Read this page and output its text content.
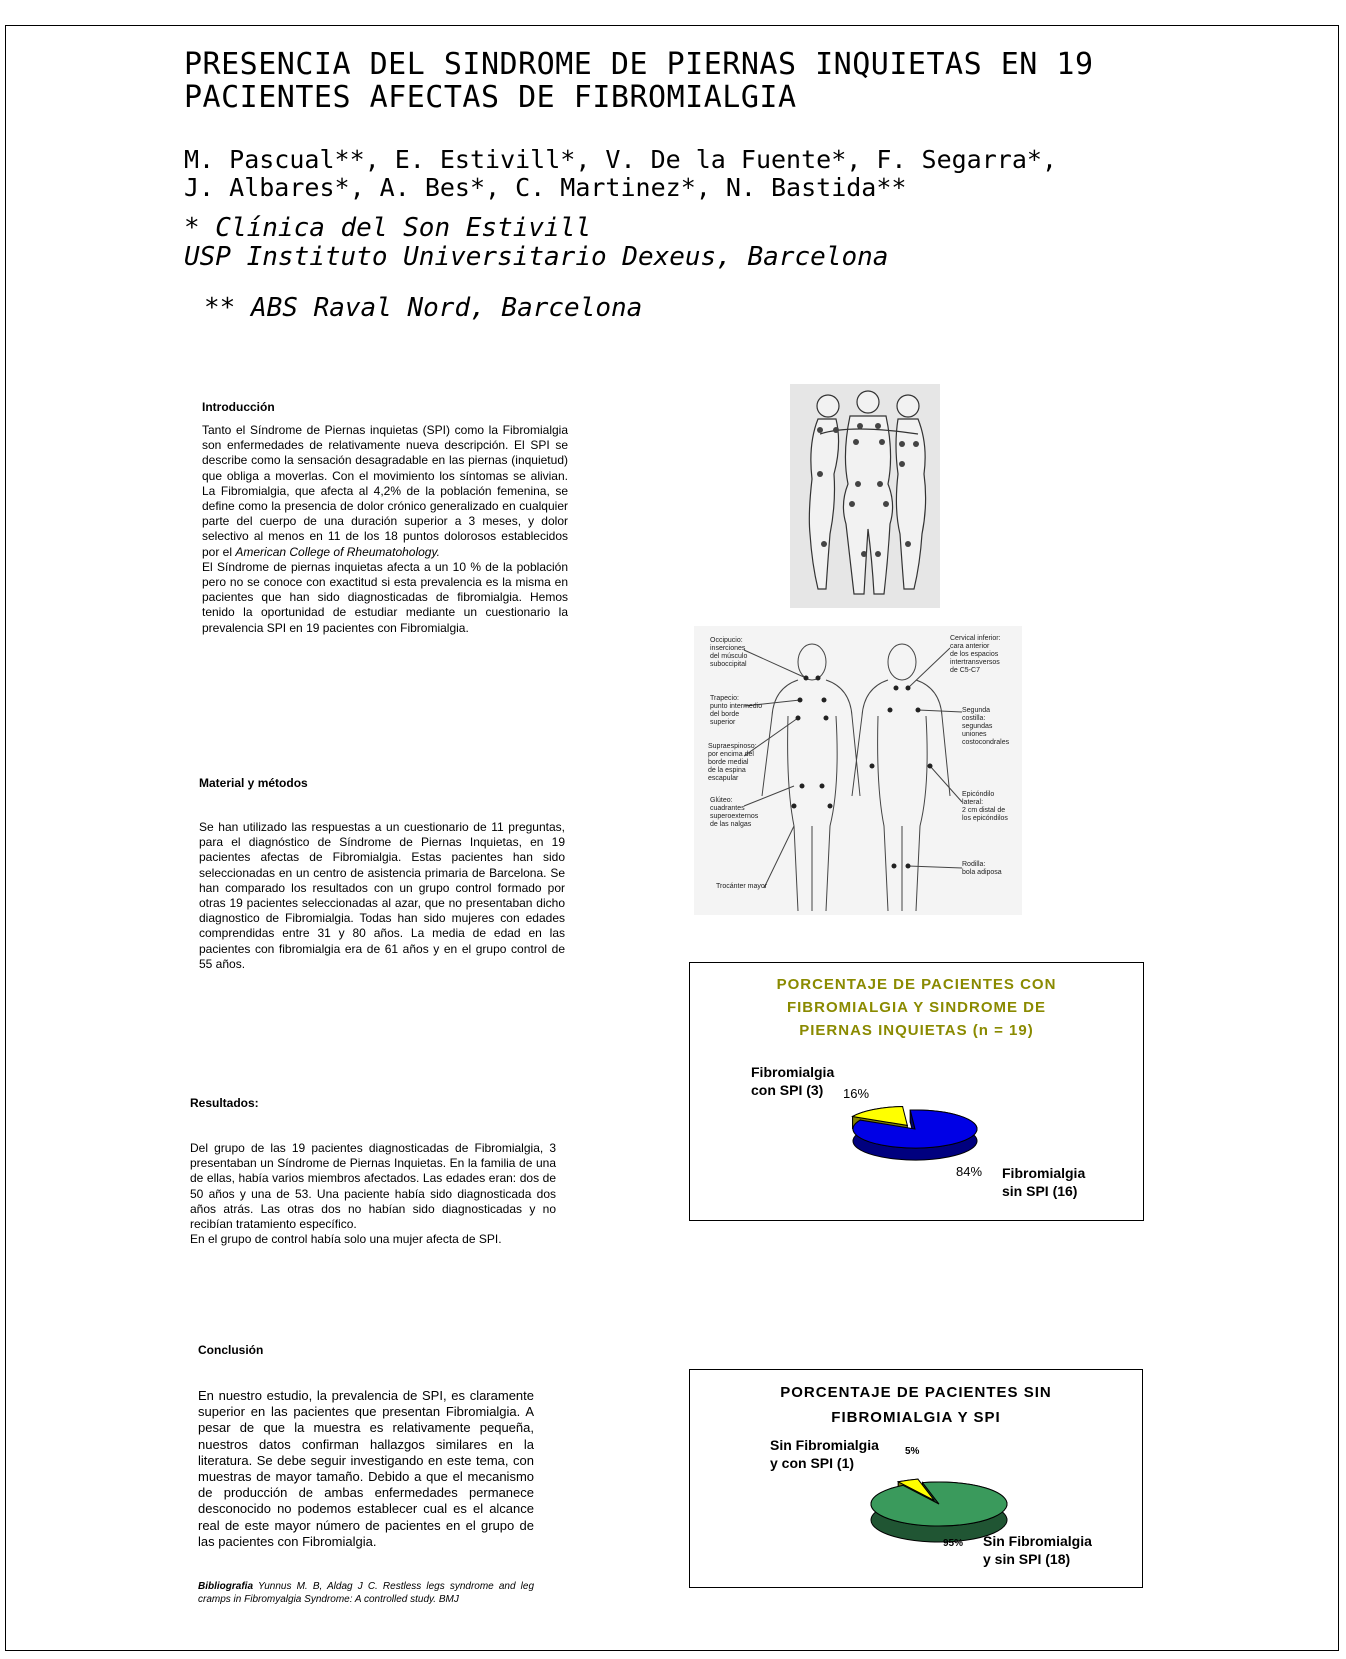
PRESENCIA DEL SINDROME DE PIERNAS INQUIETAS EN 19
PACIENTES AFECTAS DE FIBROMIALGIA
M. Pascual**, E. Estivill*, V. De la Fuente*, F. Segarra*,
J. Albares*, A. Bes*, C. Martinez*, N. Bastida**
* Clínica del Son Estivill
USP Instituto Universitario Dexeus, Barcelona
** ABS Raval Nord, Barcelona
Introducción

Tanto el Síndrome de Piernas inquietas (SPI) como la Fibromialgia son enfermedades de relativamente nueva descripción. El SPI se describe como la sensación desagradable en las piernas (inquietud) que obliga a moverlas. Con el movimiento los síntomas se alivian. La Fibromialgia, que afecta al 4,2% de la población femenina, se define como la presencia de dolor crónico generalizado en cualquier parte del cuerpo de una duración superior a 3 meses, y dolor selectivo al menos en 11 de los 18 puntos dolorosos establecidos por el American College of Rheumatohology.

El Síndrome de piernas inquietas afecta a un 10 % de la población pero no se conoce con exactitud si esta prevalencia es la misma en pacientes que han sido diagnosticadas de fibromialgia. Hemos tenido la oportunidad de estudiar mediante un cuestionario la prevalencia SPI en 19 pacientes con Fibromialgia.

Material y métodos

Se han utilizado las respuestas a un cuestionario de 11 preguntas, para el diagnóstico de Síndrome de Piernas Inquietas, en 19 pacientes afectas de Fibromialgia. Estas pacientes han sido seleccionadas en un centro de asistencia primaria de Barcelona. Se han comparado los resultados con un grupo control formado por otras 19 pacientes seleccionadas al azar, que no presentaban dicho diagnostico de Fibromialgia. Todas han sido mujeres con edades comprendidas entre 31 y 80 años. La media de edad en las pacientes con fibromialgia era de 61 años y en el grupo control de 55 años.

Resultados:

Del grupo de las 19 pacientes diagnosticadas de Fibromialgia, 3 presentaban un Síndrome de Piernas Inquietas. En la familia de una de ellas, había varios miembros afectados. Las edades eran: dos de 50 años y una de 53. Una paciente había sido diagnosticada dos años atrás. Las otras dos no habían sido diagnosticadas y no recibían tratamiento específico.

En el grupo de control había solo una mujer afecta de SPI.

Conclusión

En nuestro estudio, la prevalencia de SPI, es claramente superior en las pacientes que presentan Fibromialgia. A pesar de que la muestra es relativamente pequeña, nuestros datos confirman hallazgos similares en la literatura. Se debe seguir investigando en este tema, con muestras de mayor tamaño. Debido a que el mecanismo de producción de ambas enfermedades permanece desconocido no podemos establecer cual es el alcance real de este mayor número de pacientes en el grupo de las pacientes con Fibromialgia.

Bibliografia Yunnus M. B, Aldag J C. Restless legs syndrome and leg cramps in Fibromyalgia Syndrome: A controlled study. BMJ

Occipucio: inserciones del músculo suboccipital
Trapecio: punto intermedio del borde superior
Supraespinoso: por encima del borde medial de la espina escapular
Glúteo: cuadrantes superoexternos de las nalgas
Trocánter mayor
Cervical inferior: cara anterior de los espacios intertransversos de C5-C7
Segunda costilla: segundas uniones costocondrales
Epicóndilo lateral: 2 cm distal de los epicóndilos
Rodilla: bola adiposa
PORCENTAJE DE PACIENTES CON
FIBROMIALGIA Y SINDROME DE
PIERNAS INQUIETAS (n = 19)
Fibromialgia
con SPI (3)	16%
84% Fibromialgia
sin SPI (16)
PORCENTAJE DE PACIENTES SIN
FIBROMIALGIA Y SPI
Sin Fibromialgia
y con SPI (1)
5%
95% Sin Fibromialgia
y sin SPI (18)
